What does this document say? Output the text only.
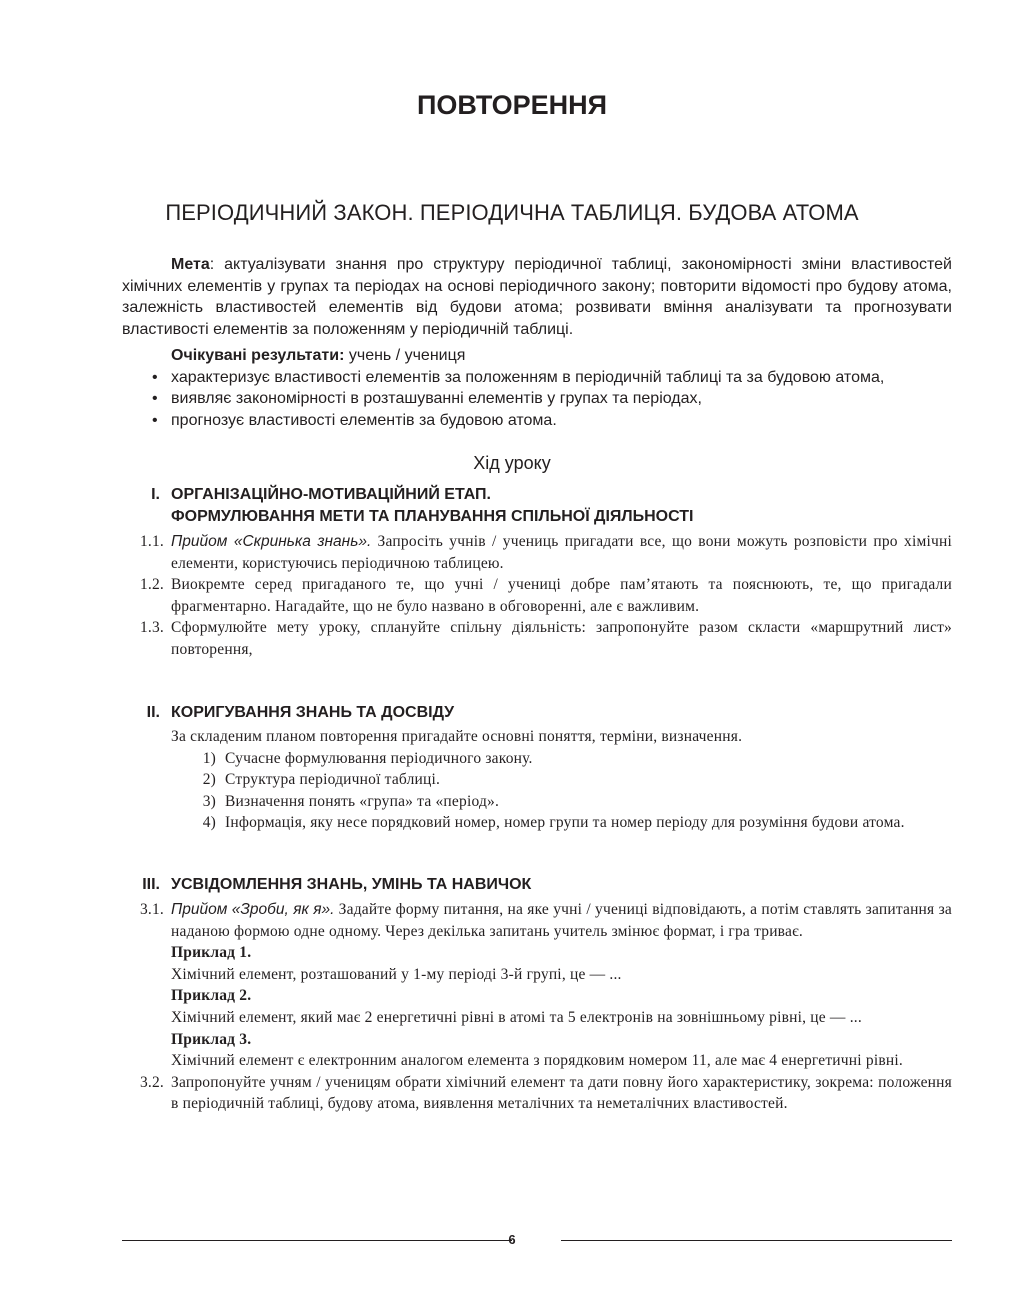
ПОВТОРЕННЯ
ПЕРІОДИЧНИЙ ЗАКОН. ПЕРІОДИЧНА ТАБЛИЦЯ. БУДОВА АТОМА

Мета: актуалізувати знання про структуру періодичної таблиці, закономірності зміни властивостей хімічних елементів у групах та періодах на основі періодичного закону; повторити відомості про будову атома, залежність властивостей елементів від будови атома; розвивати вміння аналізувати та прогнозувати властивості елементів за положенням у періодичній таблиці.

Очікувані результати: учень / учениця

• характеризує властивості елементів за положенням в періодичній таблиці та за будовою атома,
• виявляє закономірності в розташуванні елементів у групах та періодах,
• прогнозує властивості елементів за будовою атома.
Хід уроку
I. ОРГАНІЗАЦІЙНО-МОТИВАЦІЙНИЙ ЕТАП.
ФОРМУЛЮВАННЯ МЕТИ ТА ПЛАНУВАННЯ СПІЛЬНОЇ ДІЯЛЬНОСТІ
1.1. Прийом «Скринька знань». Запросіть учнів / учениць пригадати все, що вони можуть розповісти про хімічні елементи, користуючись періодичною таблицею.
1.2. Виокремте серед пригаданого те, що учні / учениці добре пам’ятають та пояснюють, те, що пригадали фрагментарно. Нагадайте, що не було названо в обговоренні, але є важливим.
1.3. Сформулюйте мету уроку, сплануйте спільну діяльність: запропонуйте разом скласти «маршрутний лист» повторення,
II. КОРИГУВАННЯ ЗНАНЬ ТА ДОСВІДУ
За складеним планом повторення пригадайте основні поняття, терміни, визначення.
1) Сучасне формулювання періодичного закону.
2) Структура періодичної таблиці.
3) Визначення понять «група» та «період».
4) Інформація, яку несе порядковий номер, номер групи та номер періоду для розуміння будови атома.
III. УСВІДОМЛЕННЯ ЗНАНЬ, УМІНЬ ТА НАВИЧОК
3.1. Прийом «Зроби, як я». Задайте форму питання, на яке учні / учениці відповідають, а потім ставлять запитання за наданою формою одне одному. Через декілька запитань учитель змінює формат, і гра триває.
Приклад 1.
Хімічний елемент, розташований у 1-му періоді 3-й групі, це — ...
Приклад 2.
Хімічний елемент, який має 2 енергетичні рівні в атомі та 5 електронів на зовнішньому рівні, це — ...
Приклад 3.
Хімічний елемент є електронним аналогом елемента з порядковим номером 11, але має 4 енергетичні рівні.
3.2. Запропонуйте учням / ученицям обрати хімічний елемент та дати повну його характеристику, зокрема: положення в періодичній таблиці, будову атома, виявлення металічних та неметалічних властивостей.
6
